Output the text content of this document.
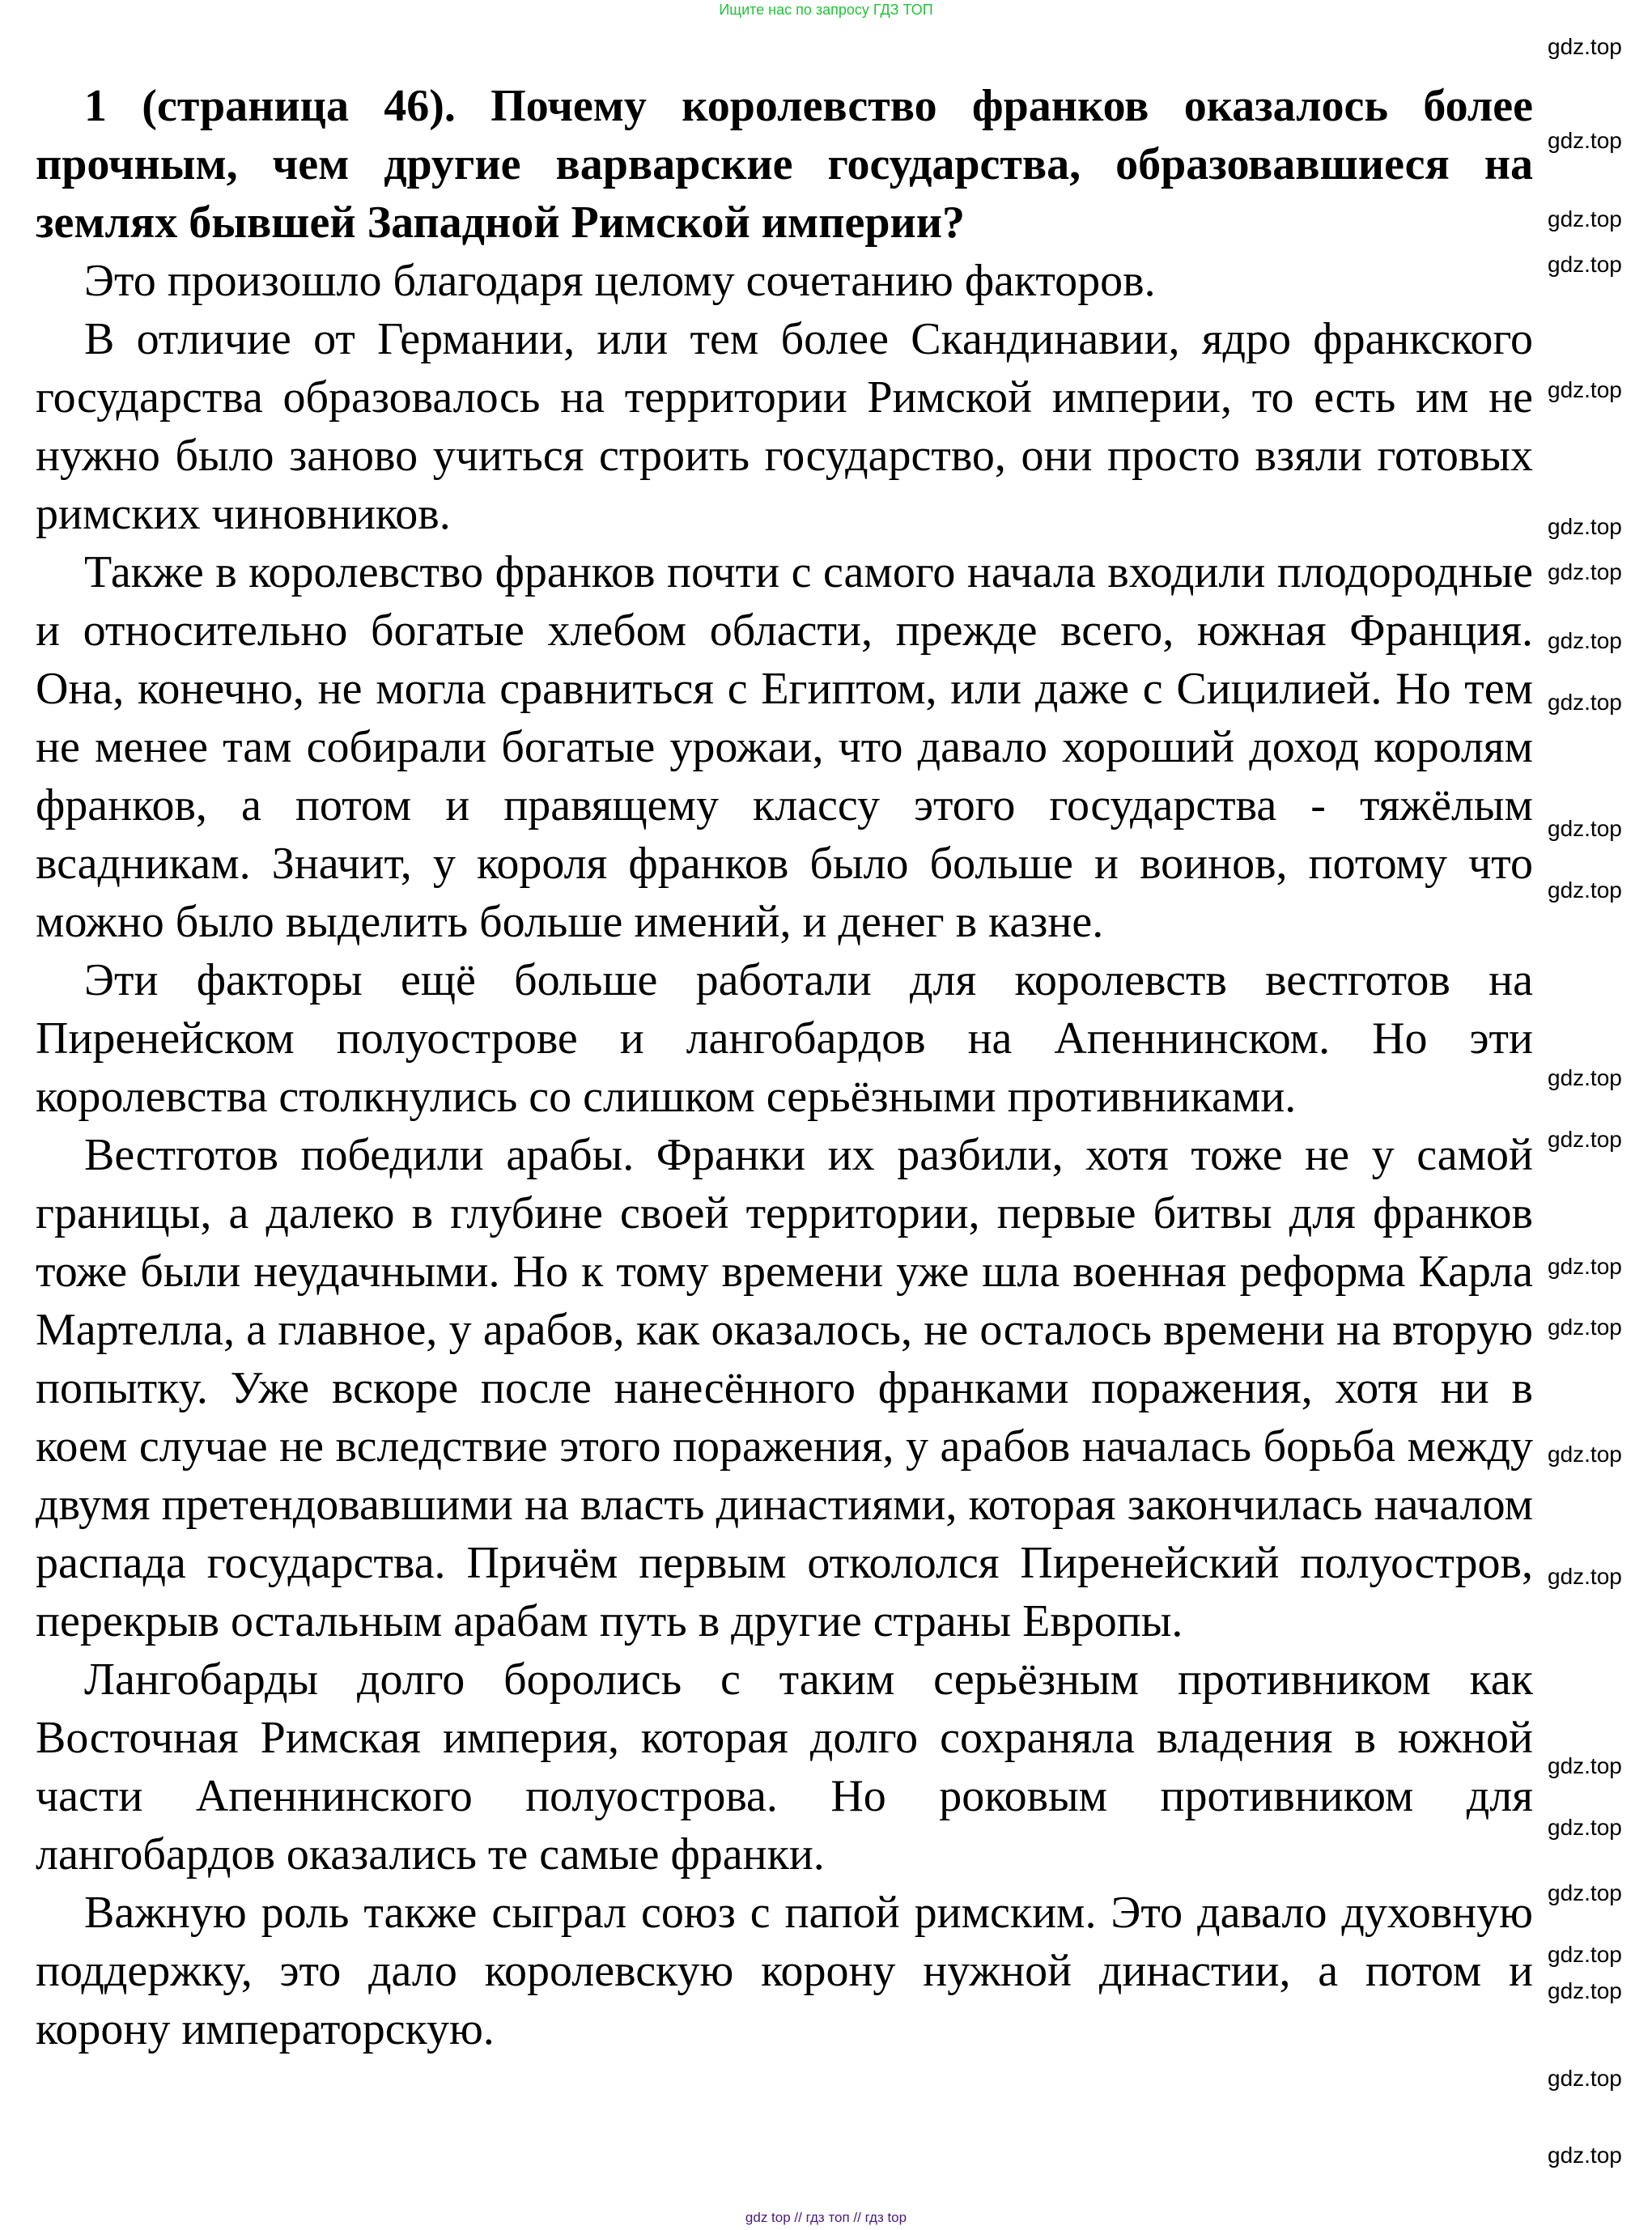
Ищите нас по запросу ГДЗ ТОП
1 (страница 46). Почему королевство франков оказалось более прочным, чем другие варварские государства, образовавшиеся на землях бывшей Западной Римской империи?

Это произошло благодаря целому сочетанию факторов.

В отличие от Германии, или тем более Скандинавии, ядро франкского государства образовалось на территории Римской империи, то есть им не нужно было заново учиться строить государство, они просто взяли готовых римских чиновников.

Также в королевство франков почти с самого начала входили плодородные и относительно богатые хлебом области, прежде всего, южная Франция. Она, конечно, не могла сравниться с Египтом, или даже с Сицилией. Но тем не менее там собирали богатые урожаи, что давало хороший доход королям франков, а потом и правящему классу этого государства - тяжёлым всадникам. Значит, у короля франков было больше и воинов, потому что можно было выделить больше имений, и денег в казне.

Эти факторы ещё больше работали для королевств вестготов на Пиренейском полуострове и лангобардов на Апеннинском. Но эти королевства столкнулись со слишком серьёзными противниками.

Вестготов победили арабы. Франки их разбили, хотя тоже не у самой границы, а далеко в глубине своей территории, первые битвы для франков тоже были неудачными. Но к тому времени уже шла военная реформа Карла Мартелла, а главное, у арабов, как оказалось, не осталось времени на вторую попытку. Уже вскоре после нанесённого франками поражения, хотя ни в коем случае не вследствие этого поражения, у арабов началась борьба между двумя претендовавшими на власть династиями, которая закончилась началом распада государства. Причём первым откололся Пиренейский полуостров, перекрыв остальным арабам путь в другие страны Европы.

Лангобарды долго боролись с таким серьёзным противником как Восточная Римская империя, которая долго сохраняла владения в южной части Апеннинского полуострова. Но роковым противником для лангобардов оказались те самые франки.

Важную роль также сыграл союз с папой римским. Это давало духовную поддержку, это дало королевскую корону нужной династии, а потом и корону императорскую.

gdz.top
gdz.top
gdz.top
gdz.top
gdz.top
gdz.top
gdz.top
gdz.top
gdz.top
gdz.top
gdz.top
gdz.top
gdz.top
gdz.top
gdz.top
gdz.top
gdz.top
gdz.top
gdz.top
gdz.top
gdz.top
gdz.top
gdz.top
gdz.top
gdz top // гдз топ // гдз top
